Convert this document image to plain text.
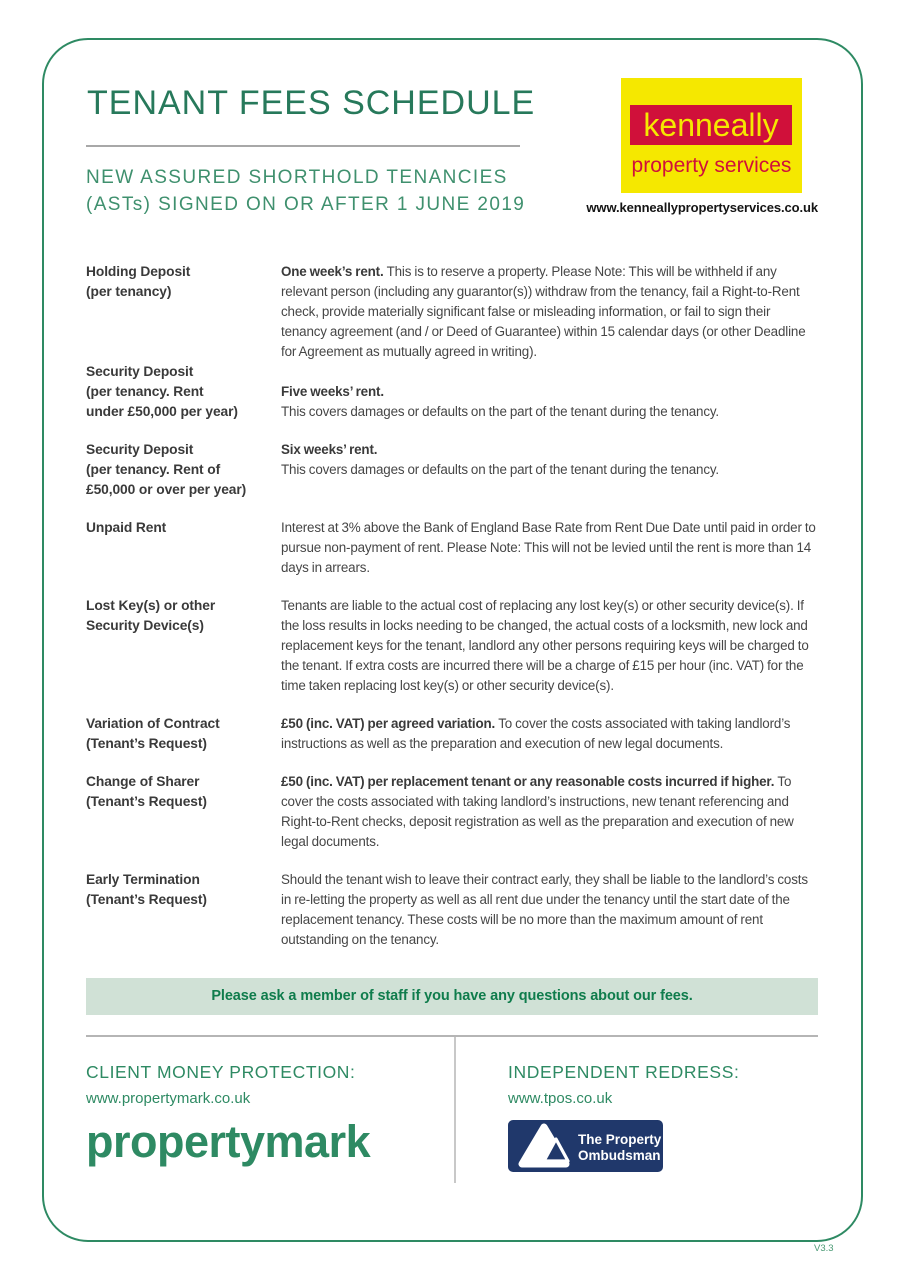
TENANT FEES SCHEDULE
NEW ASSURED SHORTHOLD TENANCIES
(ASTs) SIGNED ON OR AFTER 1 JUNE 2019
kenneally
property services
www.kenneallypropertyservices.co.uk
Holding Deposit
(per tenancy)
One week’s rent. This is to reserve a property. Please Note: This will be withheld if any relevant person (including any guarantor(s)) withdraw from the tenancy, fail a Right-to-Rent check, provide materially significant false or misleading information, or fail to sign their tenancy agreement (and / or Deed of Guarantee) within 15 calendar days (or other Deadline for Agreement as mutually agreed in writing).
Security Deposit
(per tenancy. Rent
under £50,000 per year)
Five weeks’ rent.
This covers damages or defaults on the part of the tenant during the tenancy.
Security Deposit
(per tenancy. Rent of
£50,000 or over per year)
Six weeks’ rent.
This covers damages or defaults on the part of the tenant during the tenancy.
Unpaid Rent	Interest at 3% above the Bank of England Base Rate from Rent Due Date until paid in order to pursue non-payment of rent. Please Note: This will not be levied until the rent is more than 14 days in arrears.
Lost Key(s) or other
Security Device(s)
Tenants are liable to the actual cost of replacing any lost key(s) or other security device(s). If the loss results in locks needing to be changed, the actual costs of a locksmith, new lock and replacement keys for the tenant, landlord any other persons requiring keys will be charged to the tenant. If extra costs are incurred there will be a charge of £15 per hour (inc. VAT) for the time taken replacing lost key(s) or other security device(s).
Variation of Contract
(Tenant’s Request)
£50 (inc. VAT) per agreed variation. To cover the costs associated with taking landlord’s instructions as well as the preparation and execution of new legal documents.
Change of Sharer
(Tenant’s Request)
£50 (inc. VAT) per replacement tenant or any reasonable costs incurred if higher. To cover the costs associated with taking landlord’s instructions, new tenant referencing and Right-to-Rent checks, deposit registration as well as the preparation and execution of new legal documents.
Early Termination
(Tenant’s Request)
Should the tenant wish to leave their contract early, they shall be liable to the landlord’s costs in re-letting the property as well as all rent due under the tenancy until the start date of the replacement tenancy. These costs will be no more than the maximum amount of rent outstanding on the tenancy.
Please ask a member of staff if you have any questions about our fees.
CLIENT MONEY PROTECTION:
www.propertymark.co.uk
propertymark
INDEPENDENT REDRESS:
www.tpos.co.uk
The Property
Ombudsman
V3.3
